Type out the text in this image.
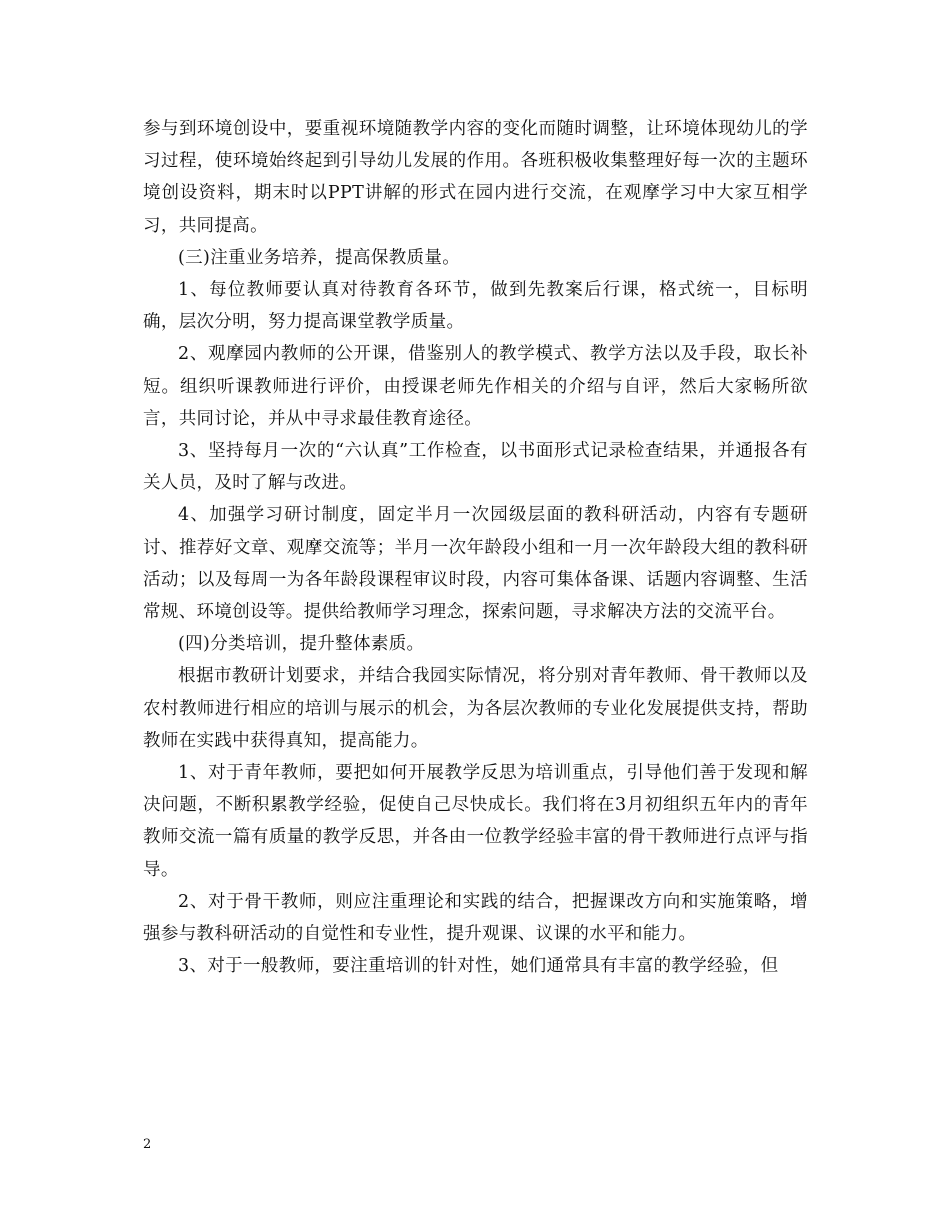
参与到环境创设中，要重视环境随教学内容的变化而随时调整，让环境体现幼儿的学习过程，使环境始终起到引导幼儿发展的作用。各班积极收集整理好每一次的主题环境创设资料，期末时以PPT讲解的形式在园内进行交流，在观摩学习中大家互相学习，共同提高。

(三)注重业务培养，提高保教质量。

1、每位教师要认真对待教育各环节，做到先教案后行课，格式统一，目标明确，层次分明，努力提高课堂教学质量。

2、观摩园内教师的公开课，借鉴别人的教学模式、教学方法以及手段，取长补短。组织听课教师进行评价，由授课老师先作相关的介绍与自评，然后大家畅所欲言，共同讨论，并从中寻求最佳教育途径。

3、坚持每月一次的“六认真”工作检查，以书面形式记录检查结果，并通报各有关人员，及时了解与改进。

4、加强学习研讨制度，固定半月一次园级层面的教科研活动，内容有专题研讨、推荐好文章、观摩交流等；半月一次年龄段小组和一月一次年龄段大组的教科研活动；以及每周一为各年龄段课程审议时段，内容可集体备课、话题内容调整、生活常规、环境创设等。提供给教师学习理念，探索问题，寻求解决方法的交流平台。

(四)分类培训，提升整体素质。

根据市教研计划要求，并结合我园实际情况，将分别对青年教师、骨干教师以及农村教师进行相应的培训与展示的机会，为各层次教师的专业化发展提供支持，帮助教师在实践中获得真知，提高能力。

1、对于青年教师，要把如何开展教学反思为培训重点，引导他们善于发现和解决问题，不断积累教学经验，促使自己尽快成长。我们将在3月初组织五年内的青年教师交流一篇有质量的教学反思，并各由一位教学经验丰富的骨干教师进行点评与指导。

2、对于骨干教师，则应注重理论和实践的结合，把握课改方向和实施策略，增强参与教科研活动的自觉性和专业性，提升观课、议课的水平和能力。

3、对于一般教师，要注重培训的针对性，她们通常具有丰富的教学经验，但

2
